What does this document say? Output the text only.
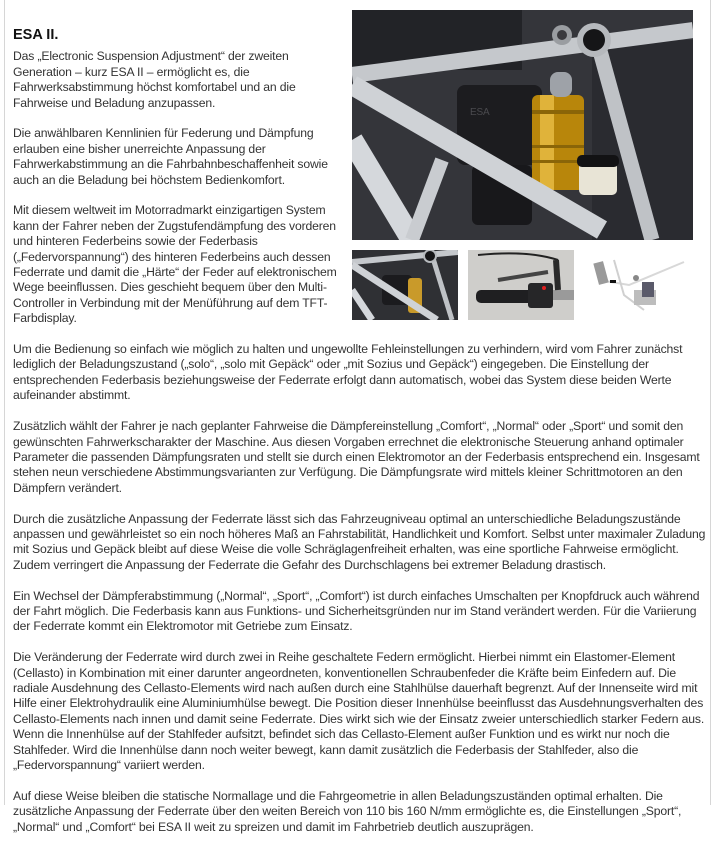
ESA
ESA II.

Das „Electronic Suspension Adjustment“ der zweiten Generation – kurz ESA II – ermöglicht es, die Fahrwerksabstimmung höchst komfortabel und an die Fahrweise und Beladung anzupassen.

Die anwählbaren Kennlinien für Federung und Dämpfung erlauben eine bisher unerreichte Anpassung der Fahrwerkabstimmung an die Fahrbahnbeschaffenheit sowie auch an die Beladung bei höchstem Bedienkomfort.

Mit diesem weltweit im Motorradmarkt einzigartigen System kann der Fahrer neben der Zugstufendämpfung des vorderen und hinteren Federbeins sowie der Federbasis („Federvorspannung“) des hinteren Federbeins auch dessen Federrate und damit die „Härte“ der Feder auf elektronischem Wege beeinflussen. Dies geschieht bequem über den Multi-Controller in Verbindung mit der Menüführung auf dem TFT-Farbdisplay.

Um die Bedienung so einfach wie möglich zu halten und ungewollte Fehleinstellungen zu verhindern, wird vom Fahrer zunächst lediglich der Beladungszustand („solo“, „solo mit Gepäck“ oder „mit Sozius und Gepäck“) eingegeben. Die Einstellung der entsprechenden Federbasis beziehungsweise der Federrate erfolgt dann automatisch, wobei das System diese beiden Werte aufeinander abstimmt.

Zusätzlich wählt der Fahrer je nach geplanter Fahrweise die Dämpfereinstellung „Comfort“, „Normal“ oder „Sport“ und somit den gewünschten Fahrwerkscharakter der Maschine. Aus diesen Vorgaben errechnet die elektronische Steuerung anhand optimaler Parameter die passenden Dämpfungsraten und stellt sie durch einen Elektromotor an der Federbasis entsprechend ein. Insgesamt stehen neun verschiedene Abstimmungsvarianten zur Verfügung. Die Dämpfungsrate wird mittels kleiner Schrittmotoren an den Dämpfern verändert.

Durch die zusätzliche Anpassung der Federrate lässt sich das Fahrzeugniveau optimal an unterschiedliche Beladungszustände anpassen und gewährleistet so ein noch höheres Maß an Fahrstabilität, Handlichkeit und Komfort. Selbst unter maximaler Zuladung mit Sozius und Gepäck bleibt auf diese Weise die volle Schräglagenfreiheit erhalten, was eine sportliche Fahrweise ermöglicht. Zudem verringert die Anpassung der Federrate die Gefahr des Durchschlagens bei extremer Beladung drastisch.

Ein Wechsel der Dämpferabstimmung („Normal“, „Sport“, „Comfort“) ist durch einfaches Umschalten per Knopfdruck auch während der Fahrt möglich. Die Federbasis kann aus Funktions- und Sicherheitsgründen nur im Stand verändert werden. Für die Variierung der Federrate kommt ein Elektromotor mit Getriebe zum Einsatz.

Die Veränderung der Federrate wird durch zwei in Reihe geschaltete Federn ermöglicht. Hierbei nimmt ein Elastomer-Element (Cellasto) in Kombination mit einer darunter angeordneten, konventionellen Schraubenfeder die Kräfte beim Einfedern auf. Die radiale Ausdehnung des Cellasto-Elements wird nach außen durch eine Stahlhülse dauerhaft begrenzt. Auf der Innenseite wird mit Hilfe einer Elektrohydraulik eine Aluminiumhülse bewegt. Die Position dieser Innenhülse beeinflusst das Ausdehnungsverhalten des Cellasto-Elements nach innen und damit seine Federrate. Dies wirkt sich wie der Einsatz zweier unterschiedlich starker Federn aus. Wenn die Innenhülse auf der Stahlfeder aufsitzt, befindet sich das Cellasto-Element außer Funktion und es wirkt nur noch die Stahlfeder. Wird die Innenhülse dann noch weiter bewegt, kann damit zusätzlich die Federbasis der Stahlfeder, also die „Federvorspannung“ variiert werden.

Auf diese Weise bleiben die statische Normallage und die Fahrgeometrie in allen Beladungszuständen optimal erhalten. Die zusätzliche Anpassung der Federrate über den weiten Bereich von 110 bis 160 N/mm ermöglichte es, die Einstellungen „Sport“, „Normal“ und „Comfort“ bei ESA II weit zu spreizen und damit im Fahrbetrieb deutlich auszuprägen.
